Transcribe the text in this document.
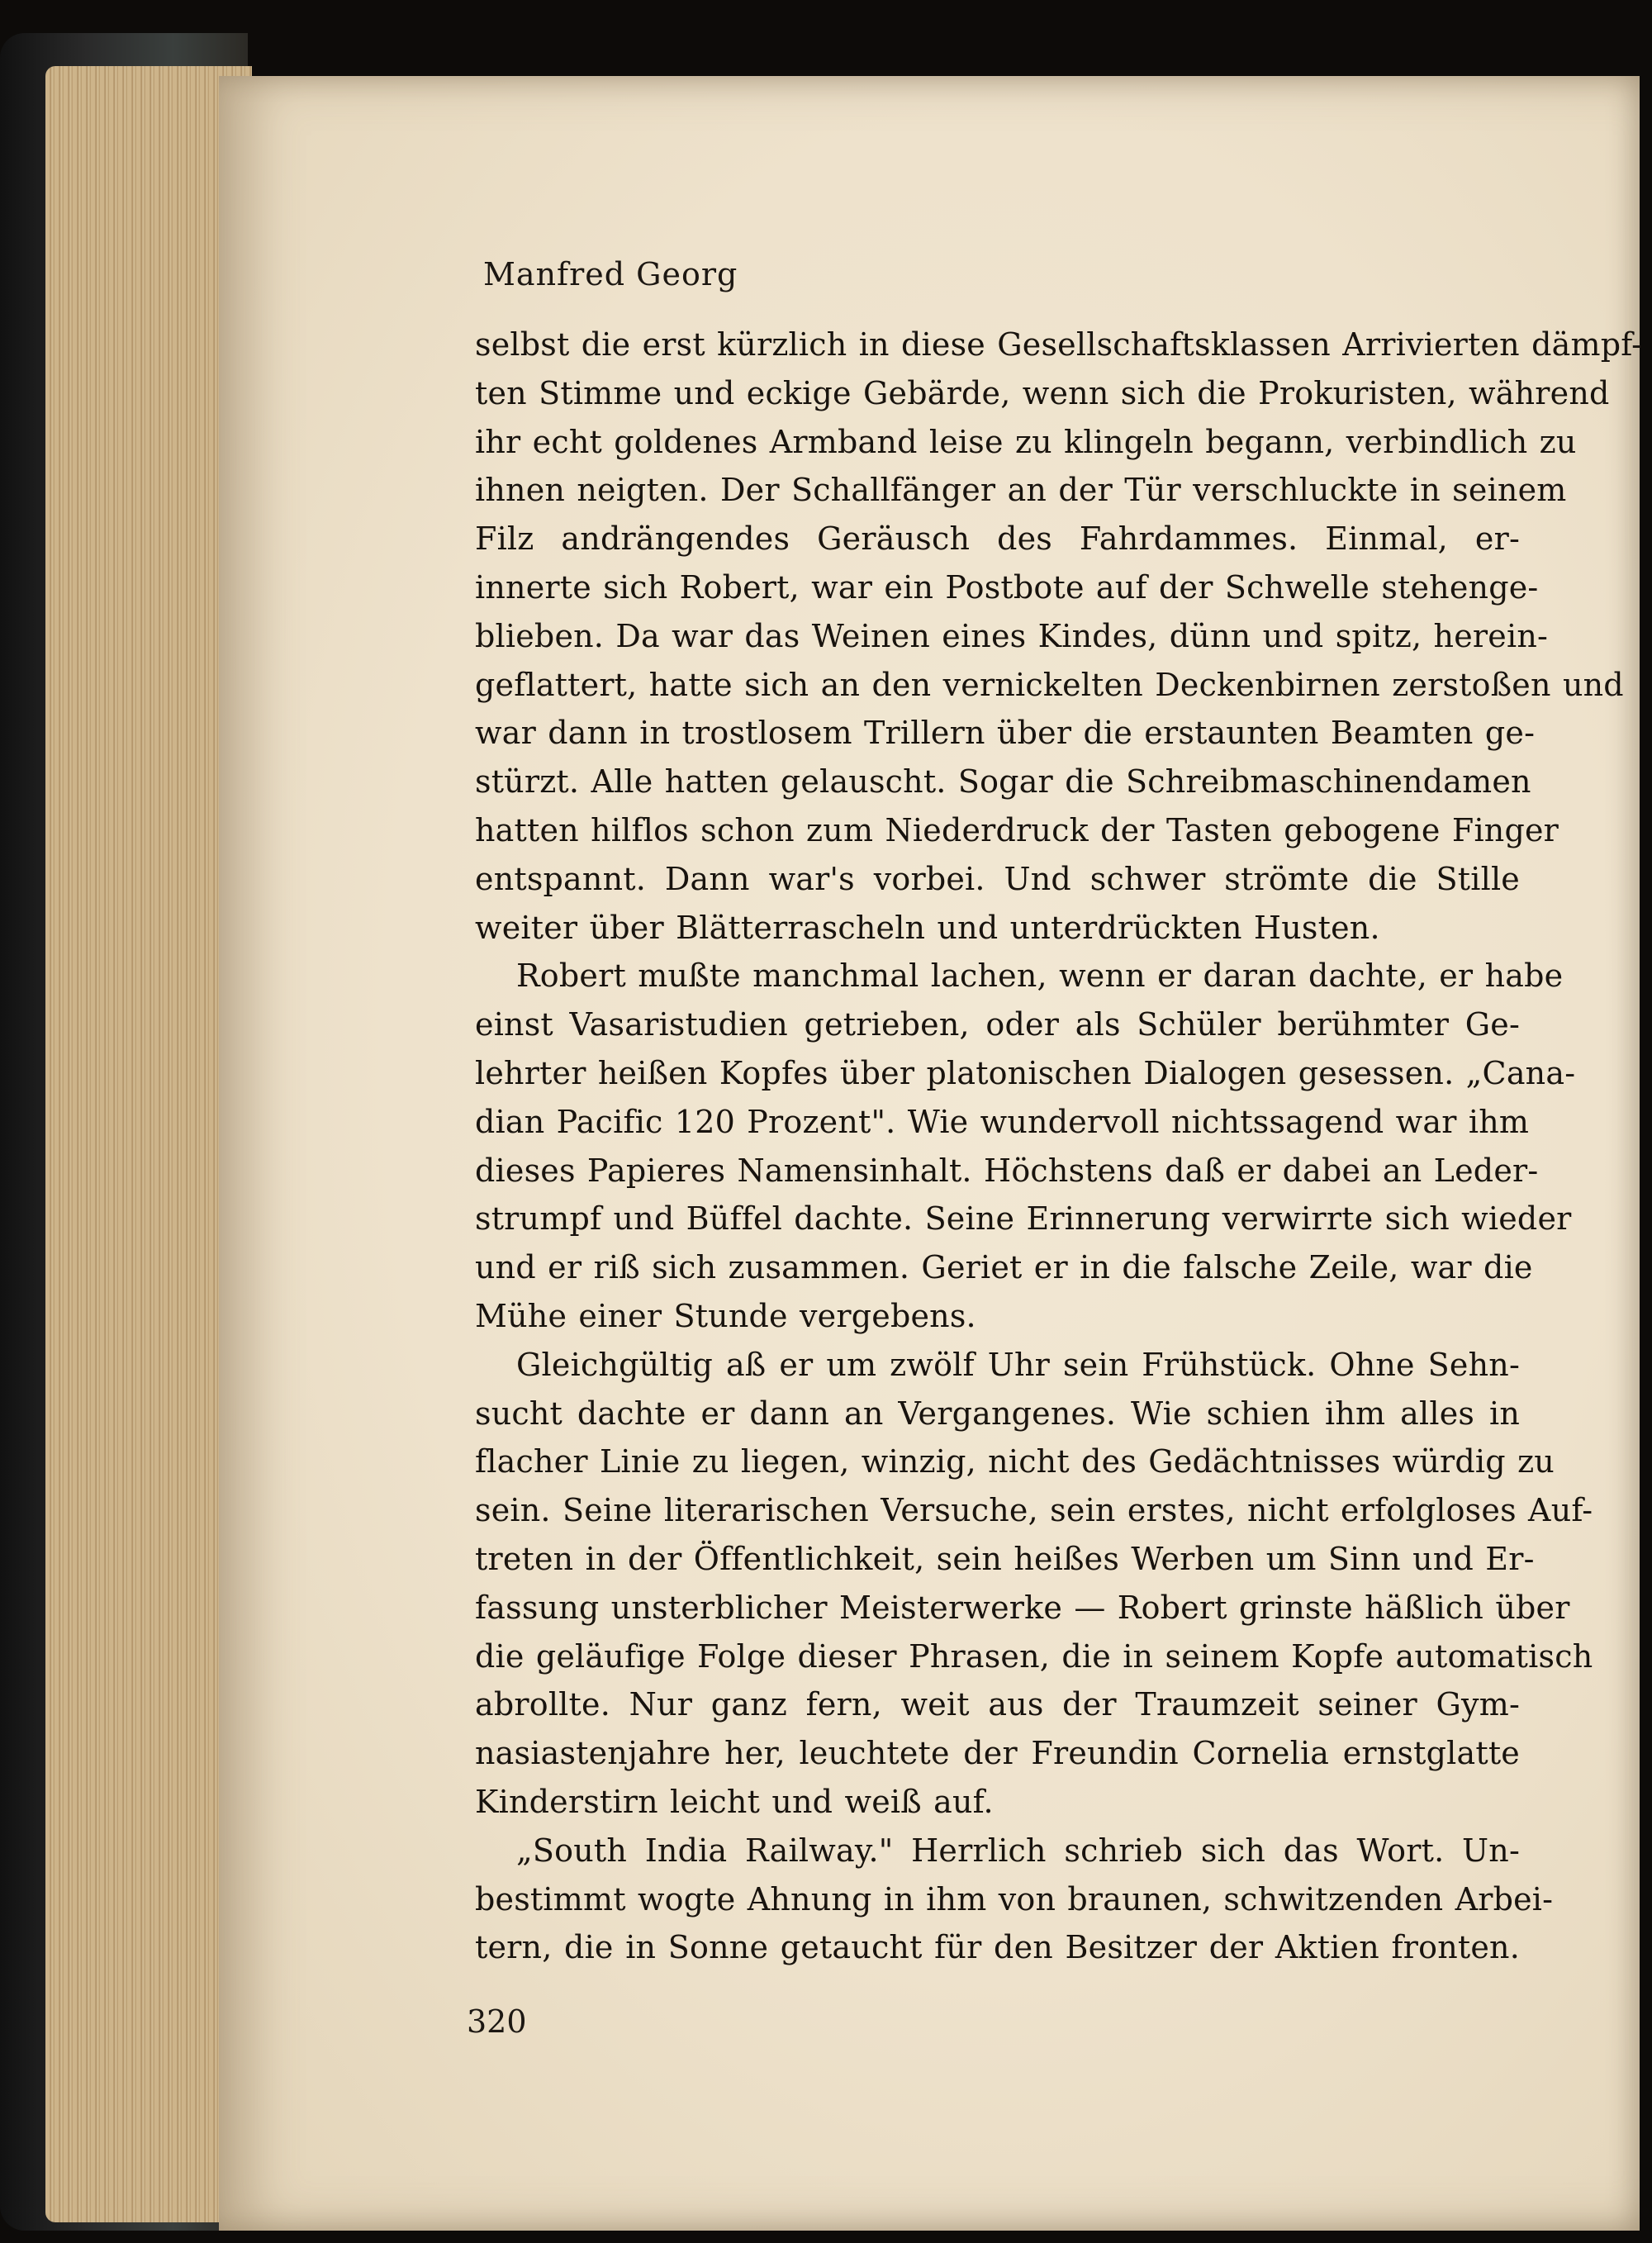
Manfred Georg
selbst die erst kürzlich in diese Gesellschaftsklassen Arrivierten dämpf-
ten Stimme und eckige Gebärde, wenn sich die Prokuristen, während
ihr echt goldenes Armband leise zu klingeln begann, verbindlich zu
ihnen neigten. Der Schallfänger an der Tür verschluckte in seinem
Filz andrängendes Geräusch des Fahrdammes. Einmal, er-
innerte sich Robert, war ein Postbote auf der Schwelle stehenge-
blieben. Da war das Weinen eines Kindes, dünn und spitz, herein-
geflattert, hatte sich an den vernickelten Deckenbirnen zerstoßen und
war dann in trostlosem Trillern über die erstaunten Beamten ge-
stürzt. Alle hatten gelauscht. Sogar die Schreibmaschinendamen
hatten hilflos schon zum Niederdruck der Tasten gebogene Finger
entspannt. Dann war's vorbei. Und schwer strömte die Stille
weiter über Blätterrascheln und unterdrückten Husten.
Robert mußte manchmal lachen, wenn er daran dachte, er habe
einst Vasaristudien getrieben, oder als Schüler berühmter Ge-
lehrter heißen Kopfes über platonischen Dialogen gesessen. „Cana-
dian Pacific 120 Prozent". Wie wundervoll nichtssagend war ihm
dieses Papieres Namensinhalt. Höchstens daß er dabei an Leder-
strumpf und Büffel dachte. Seine Erinnerung verwirrte sich wieder
und er riß sich zusammen. Geriet er in die falsche Zeile, war die
Mühe einer Stunde vergebens.
Gleichgültig aß er um zwölf Uhr sein Frühstück. Ohne Sehn-
sucht dachte er dann an Vergangenes. Wie schien ihm alles in
flacher Linie zu liegen, winzig, nicht des Gedächtnisses würdig zu
sein. Seine literarischen Versuche, sein erstes, nicht erfolgloses Auf-
treten in der Öffentlichkeit, sein heißes Werben um Sinn und Er-
fassung unsterblicher Meisterwerke — Robert grinste häßlich über
die geläufige Folge dieser Phrasen, die in seinem Kopfe automatisch
abrollte. Nur ganz fern, weit aus der Traumzeit seiner Gym-
nasiastenjahre her, leuchtete der Freundin Cornelia ernstglatte
Kinderstirn leicht und weiß auf.
„South India Railway." Herrlich schrieb sich das Wort. Un-
bestimmt wogte Ahnung in ihm von braunen, schwitzenden Arbei-
tern, die in Sonne getaucht für den Besitzer der Aktien fronten.
320
